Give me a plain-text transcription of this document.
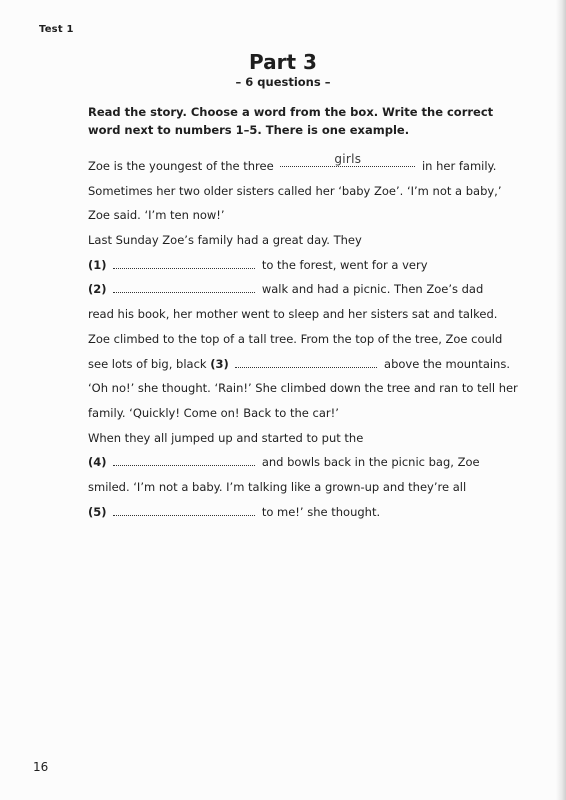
Test 1
Part 3
– 6 questions –
Read the story. Choose a word from the box. Write the correct word next to numbers 1–5. There is one example.
Zoe is the youngest of the three	girls	in her family.
Sometimes her two older sisters called her ‘baby Zoe’. ‘I’m not a baby,’
Zoe said. ‘I’m ten now!’
Last Sunday Zoe’s family had a great day. They
(1)	to the forest, went for a very
(2)	walk and had a picnic. Then Zoe’s dad
read his book, her mother went to sleep and her sisters sat and talked.
Zoe climbed to the top of a tall tree. From the top of the tree, Zoe could
see lots of big, black (3)	above the mountains.
‘Oh no!’ she thought. ‘Rain!’ She climbed down the tree and ran to tell her
family. ‘Quickly! Come on! Back to the car!’
When they all jumped up and started to put the
(4)	and bowls back in the picnic bag, Zoe
smiled. ‘I’m not a baby. I’m talking like a grown-up and they’re all
(5)	to me!’ she thought.
16
